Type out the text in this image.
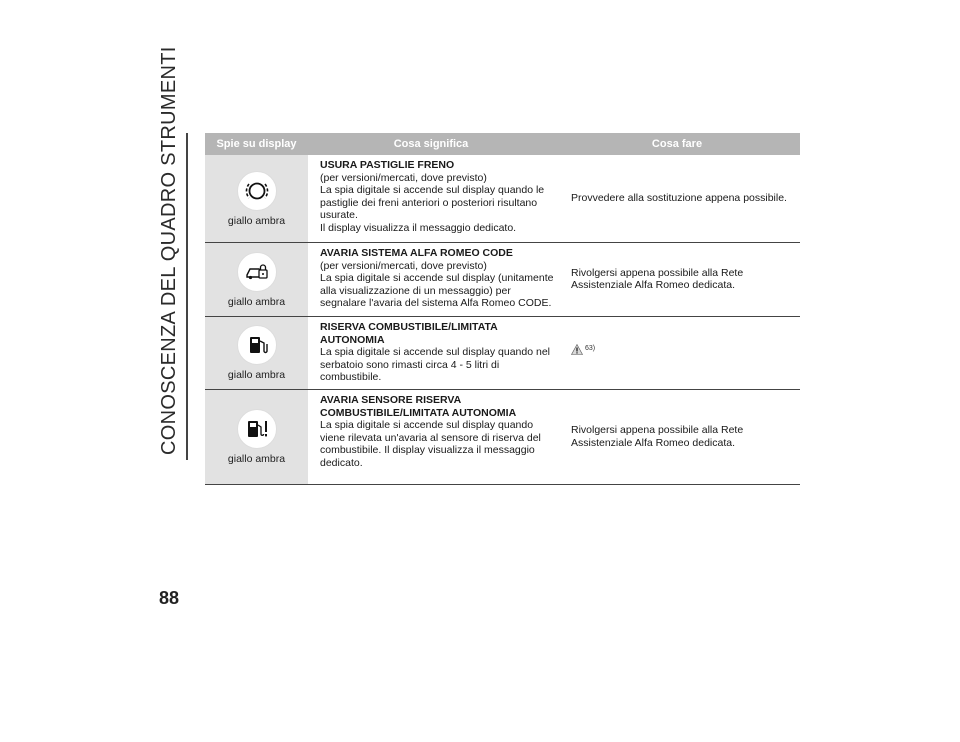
CONOSCENZA DEL QUADRO STRUMENTI
88
Spie su display	Cosa significa	Cosa fare
giallo ambra
USURA PASTIGLIE FRENO
(per versioni/mercati, dove previsto)
La spia digitale si accende sul display quando le pastiglie dei freni anteriori o posteriori risultano usurate.
Il display visualizza il messaggio dedicato.
Provvedere alla sostituzione appena possibile.
giallo ambra
AVARIA SISTEMA ALFA ROMEO CODE
(per versioni/mercati, dove previsto)
La spia digitale si accende sul display (unitamente alla visualizzazione di un messaggio) per segnalare l'avaria del sistema Alfa Romeo CODE.
Rivolgersi appena possibile alla Rete Assistenziale Alfa Romeo dedicata.
giallo ambra
RISERVA COMBUSTIBILE/LIMITATA AUTONOMIA
La spia digitale si accende sul display quando nel serbatoio sono rimasti circa 4 - 5 litri di combustibile.
63)
giallo ambra
AVARIA SENSORE RISERVA COMBUSTIBILE/LIMITATA AUTONOMIA
La spia digitale si accende sul display quando viene rilevata un'avaria al sensore di riserva del combustibile. Il display visualizza il messaggio dedicato.
Rivolgersi appena possibile alla Rete Assistenziale Alfa Romeo dedicata.
